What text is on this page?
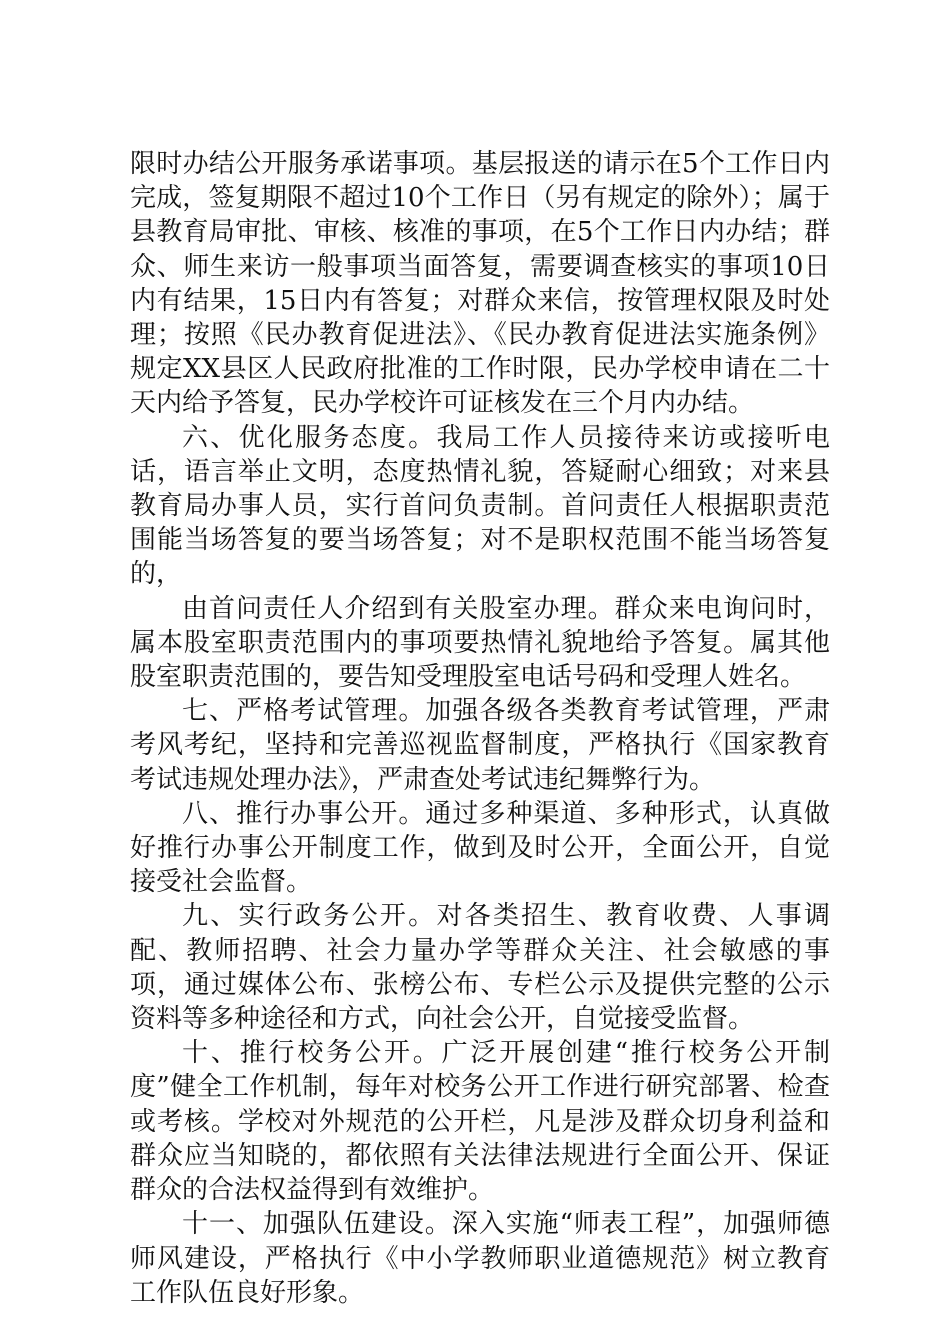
限时办结公开服务承诺事项。基层报送的请示在5个工作日内完成，签复期限不超过10个工作日（另有规定的除外）；属于县教育局审批、审核、核准的事项，在5个工作日内办结；群众、师生来访一般事项当面答复，需要调查核实的事项10日内有结果，15日内有答复；对群众来信，按管理权限及时处理；按照《民办教育促进法》、《民办教育促进法实施条例》规定XX县区人民政府批准的工作时限，民办学校申请在二十天内给予答复，民办学校许可证核发在三个月内办结。

六、优化服务态度。我局工作人员接待来访或接听电话，语言举止文明，态度热情礼貌，答疑耐心细致；对来县教育局办事人员，实行首问负责制。首问责任人根据职责范围能当场答复的要当场答复；对不是职权范围不能当场答复的，

由首问责任人介绍到有关股室办理。群众来电询问时，属本股室职责范围内的事项要热情礼貌地给予答复。属其他股室职责范围的，要告知受理股室电话号码和受理人姓名。

七、严格考试管理。加强各级各类教育考试管理，严肃考风考纪，坚持和完善巡视监督制度，严格执行《国家教育考试违规处理办法》，严肃查处考试违纪舞弊行为。

八、推行办事公开。通过多种渠道、多种形式，认真做好推行办事公开制度工作，做到及时公开，全面公开，自觉接受社会监督。

九、实行政务公开。对各类招生、教育收费、人事调配、教师招聘、社会力量办学等群众关注、社会敏感的事项，通过媒体公布、张榜公布、专栏公示及提供完整的公示资料等多种途径和方式，向社会公开，自觉接受监督。

十、推行校务公开。广泛开展创建“推行校务公开制度”健全工作机制，每年对校务公开工作进行研究部署、检查或考核。学校对外规范的公开栏，凡是涉及群众切身利益和群众应当知晓的，都依照有关法律法规进行全面公开、保证群众的合法权益得到有效维护。

十一、加强队伍建设。深入实施“师表工程”，加强师德师风建设，严格执行《中小学教师职业道德规范》树立教育工作队伍良好形象。
